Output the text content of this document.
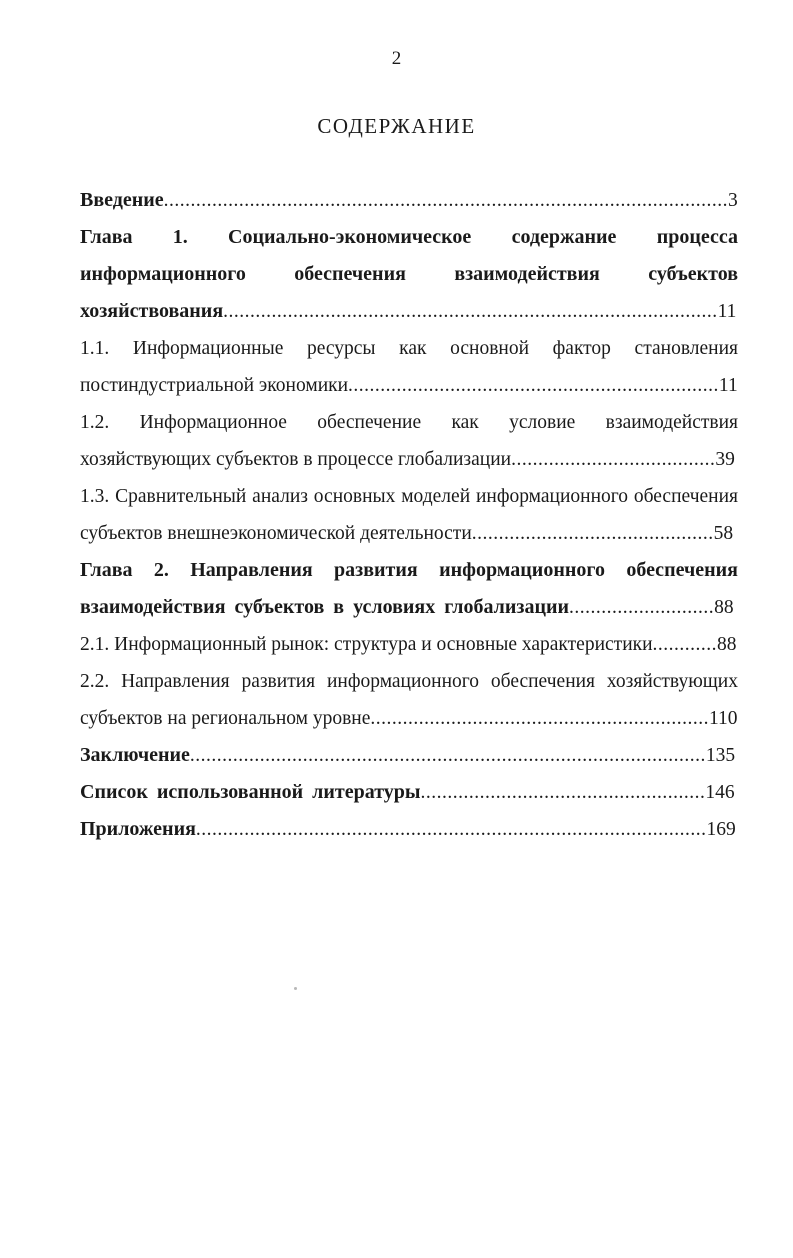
2
СОДЕРЖАНИЕ
Введение.........................................................................................................3
Глава 1. Социально-экономическое содержание процесса информационного обеспечения взаимодействия субъектов хозяйствования............................................................................................11
1.1. Информационные ресурсы как основной фактор становления постиндустриальной экономики.....................................................................11
1.2. Информационное обеспечение как условие взаимодействия хозяйствующих субъектов в процессе глобализации......................................39
1.3. Сравнительный анализ основных моделей информационного обеспечения субъектов внешнеэкономической деятельности.............................................58
Глава 2. Направления развития информационного обеспечения взаимодействия субъектов в условиях глобализации...........................88
2.1. Информационный рынок: структура и основные характеристики............88
2.2. Направления развития информационного обеспечения хозяйствующих субъектов на региональном уровне...............................................................110
Заключение................................................................................................135
Список использованной литературы.....................................................146
Приложения...............................................................................................169
